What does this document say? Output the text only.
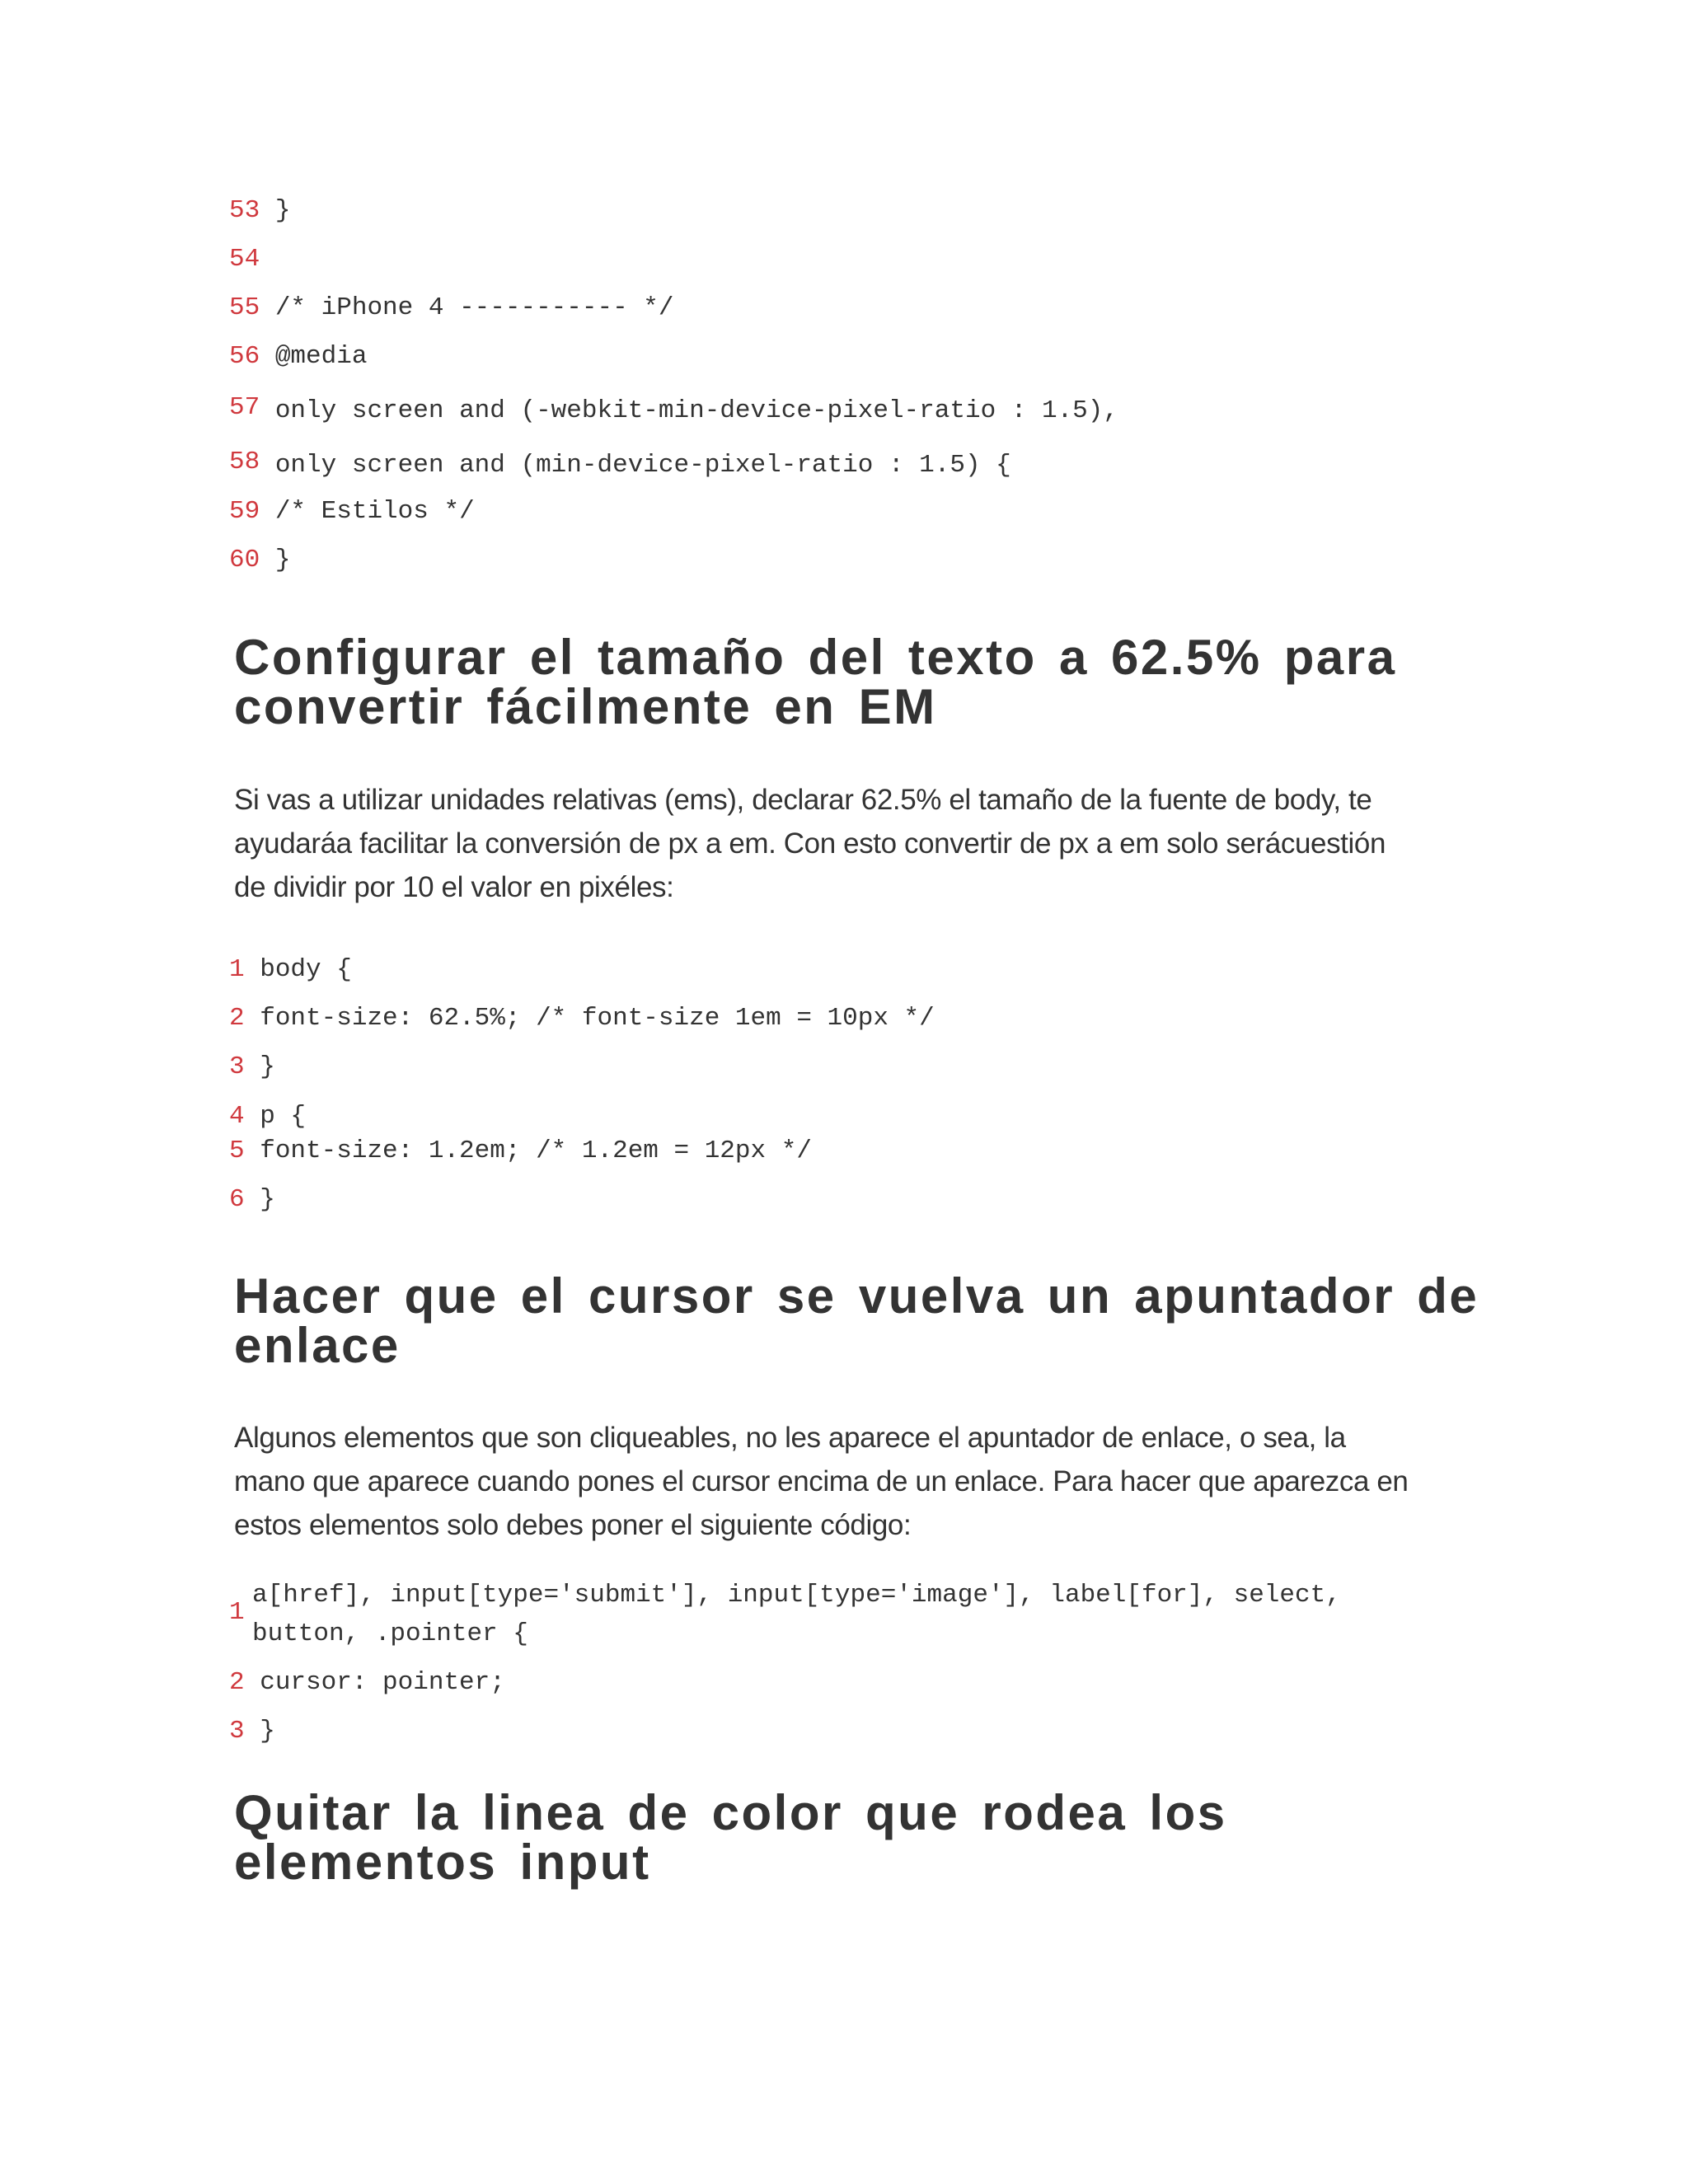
53 }
54
55 /* iPhone 4 ----------- */
56 @media
57 only screen and (-webkit-min-device-pixel-ratio : 1.5),
58 only screen and (min-device-pixel-ratio : 1.5) {
59 /* Estilos */
60 }
Configurar el tamaño del texto a 62.5% para
convertir fácilmente en EM
Si vas a utilizar unidades relativas (ems), declarar 62.5% el tamaño de la fuente de body, te
ayudaráa facilitar la conversión de px a em. Con esto convertir de px a em solo serácuestión
de dividir por 10 el valor en pixéles:
1 body {
2 font-size: 62.5%; /* font-size 1em = 10px */
3 }
4 p {
5 font-size: 1.2em; /* 1.2em = 12px */
6 }
Hacer que el cursor se vuelva un apuntador de
enlace
Algunos elementos que son cliqueables, no les aparece el apuntador de enlace, o sea, la
mano que aparece cuando pones el cursor encima de un enlace. Para hacer que aparezca en
estos elementos solo debes poner el siguiente código:
1
a[href], input[type='submit'], input[type='image'], label[for], select,
button, .pointer {
2 cursor: pointer;
3 }
Quitar la linea de color que rodea los
elementos input
